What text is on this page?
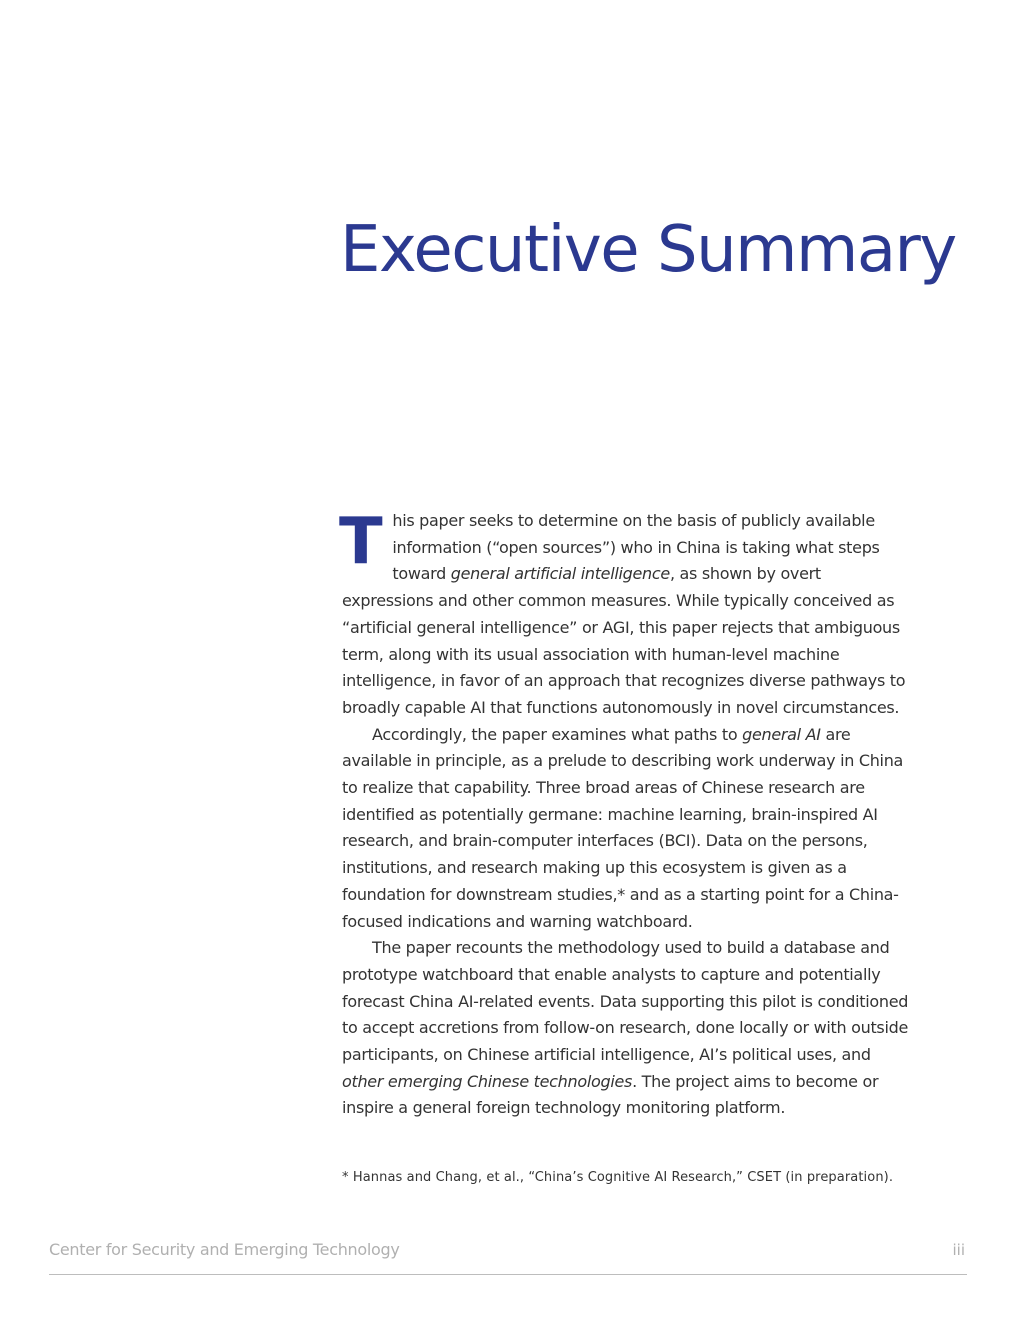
Executive Summary

This paper seeks to determine on the basis of publicly available information (“open sources”) who in China is taking what steps toward general artificial intelligence, as shown by overt expressions and other common measures. While typically conceived as “artificial general intelligence” or AGI, this paper rejects that ambiguous term, along with its usual association with human-level machine intelligence, in favor of an approach that recognizes diverse pathways to broadly capable AI that functions autonomously in novel circumstances.

Accordingly, the paper examines what paths to general AI are available in principle, as a prelude to describing work underway in China to realize that capability. Three broad areas of Chinese research are identified as potentially germane: machine learning, brain-inspired AI research, and brain-computer interfaces (BCI). Data on the persons, institutions, and research making up this ecosystem is given as a foundation for downstream studies,* and as a starting point for a China-focused indications and warning watchboard.

The paper recounts the methodology used to build a database and prototype watchboard that enable analysts to capture and potentially forecast China AI-related events. Data supporting this pilot is conditioned to accept accretions from follow-on research, done locally or with outside participants, on Chinese artificial intelligence, AI’s political uses, and other emerging Chinese technologies. The project aims to become or inspire a general foreign technology monitoring platform.

* Hannas and Chang, et al., “China’s Cognitive AI Research,” CSET (in preparation).
Center for Security and Emerging Technology	iii
